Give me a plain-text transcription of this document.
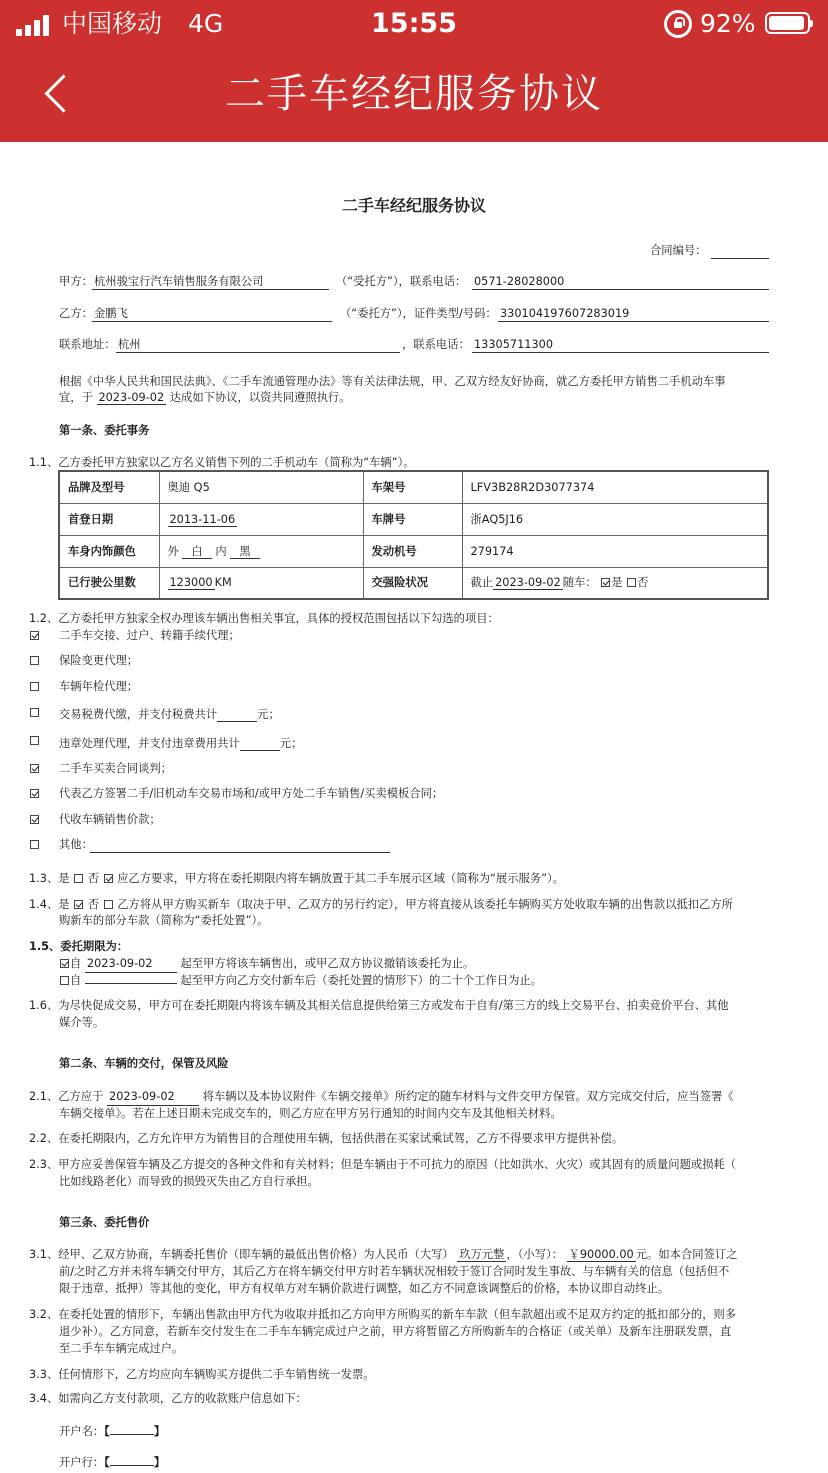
中国移动 4G	15:55	92%
二手车经纪服务协议
二手车经纪服务协议
合同编号：
甲方： 杭州骏宝行汽车销售服务有限公司	（“受托方”），联系电话： 0571-28028000
乙方： 金鹏飞	（“委托方”），证件类型/号码： 330104197607283019
联系地址： 杭州	，联系电话： 13305711300
根据《中华人民共和国民法典》、《二手车流通管理办法》等有关法律法规，甲、乙双方经友好协商，就乙方委托甲方销售二手机动车事
宜，于 2023-09-02 达成如下协议，以资共同遵照执行。
第一条、委托事务
1.1、乙方委托甲方独家以乙方名义销售下列的二手机动车（简称为“车辆”）。
品牌及型号	奥迪 Q5	车架号	LFV3B28R2D3077374
首登日期	2013-11-06	车牌号	浙AQ5J16
车身内饰颜色	外 白 内 黑	发动机号	279174
已行驶公里数	123000 KM	交强险状况	截止 2023-09-02 随车： 是 否
1.2、乙方委托甲方独家全权办理该车辆出售相关事宜，具体的授权范围包括以下勾选的项目：
二手车交接、过户、转籍手续代理；
保险变更代理；
车辆年检代理；
交易税费代缴，并支付税费共计	元；
违章处理代理，并支付违章费用共计	元；
二手车买卖合同谈判；
代表乙方签署二手/旧机动车交易市场和/或甲方处二手车销售/买卖模板合同；
代收车辆销售价款；
其他：
1.3、是 否 应乙方要求，甲方将在委托期限内将车辆放置于其二手车展示区域（简称为“展示服务”）。
1.4、是 否 乙方将从甲方购买新车（取决于甲、乙双方的另行约定），甲方将直接从该委托车辆购买方处收取车辆的出售款以抵扣乙方所
购新车的部分车款（简称为“委托处置”）。
1.5、委托期限为：
自 2023-09-02 起至甲方将该车辆售出，或甲乙双方协议撤销该委托为止。
自	起至甲方向乙方交付新车后（委托处置的情形下）的二十个工作日为止。
1.6、为尽快促成交易，甲方可在委托期限内将该车辆及其相关信息提供给第三方或发布于自有/第三方的线上交易平台、拍卖竞价平台、其他
媒介等。
第二条、车辆的交付，保管及风险
2.1、乙方应于 2023-09-02 将车辆以及本协议附件《车辆交接单》所约定的随车材料与文件交甲方保管。双方完成交付后，应当签署《
车辆交接单》。若在上述日期未完成交车的，则乙方应在甲方另行通知的时间内交车及其他相关材料。
2.2、在委托期限内，乙方允许甲方为销售目的合理使用车辆，包括供潜在买家试乘试驾，乙方不得要求甲方提供补偿。
2.3、甲方应妥善保管车辆及乙方提交的各种文件和有关材料；但是车辆由于不可抗力的原因（比如洪水、火灾）或其固有的质量问题或损耗（
比如线路老化）而导致的损毁灭失由乙方自行承担。
第三条、委托售价
3.1、经甲、乙双方协商，车辆委托售价（即车辆的最低出售价格）为人民币（大写） 玖万元整 ，（小写）： ￥90000.00 元。如本合同签订之
前/之时乙方并未将车辆交付甲方，其后乙方在将车辆交付甲方时若车辆状况相较于签订合同时发生事故、与车辆有关的信息（包括但不
限于违章、抵押）等其他的变化，甲方有权单方对车辆价款进行调整，如乙方不同意该调整后的价格，本协议即自动终止。
3.2、在委托处置的情形下，车辆出售款由甲方代为收取并抵扣乙方向甲方所购买的新车车款（但车款超出或不足双方约定的抵扣部分的，则多
退少补）。乙方同意，若新车交付发生在二手车车辆完成过户之前，甲方将暂留乙方所购新车的合格证（或关单）及新车注册联发票，直
至二手车车辆完成过户。
3.3、任何情形下，乙方均应向车辆购买方提供二手车销售统一发票。
3.4、如需向乙方支付款项，乙方的收款账户信息如下：
开户名：【	】
开户行：【	】
